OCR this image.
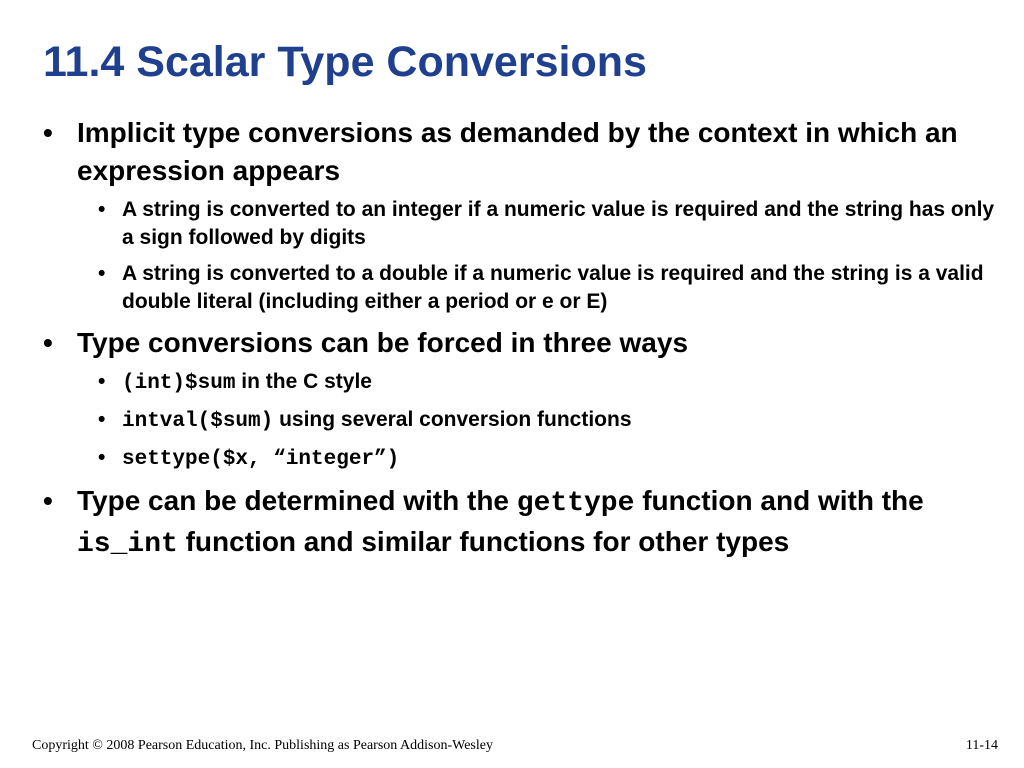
11.4 Scalar Type Conversions
• Implicit type conversions as demanded by the context in which an expression appears
• A string is converted to an integer if a numeric value is required and the string has only a sign followed by digits
• A string is converted to a double if a numeric value is required and the string is a valid double literal (including either a period or e or E)
• Type conversions can be forced in three ways
• (int)$sum in the C style
• intval($sum) using several conversion functions
• settype($x, “integer”)
• Type can be determined with the gettype function and with the is_int function and similar functions for other types
Copyright © 2008 Pearson Education, Inc. Publishing as Pearson Addison-Wesley	11-14
